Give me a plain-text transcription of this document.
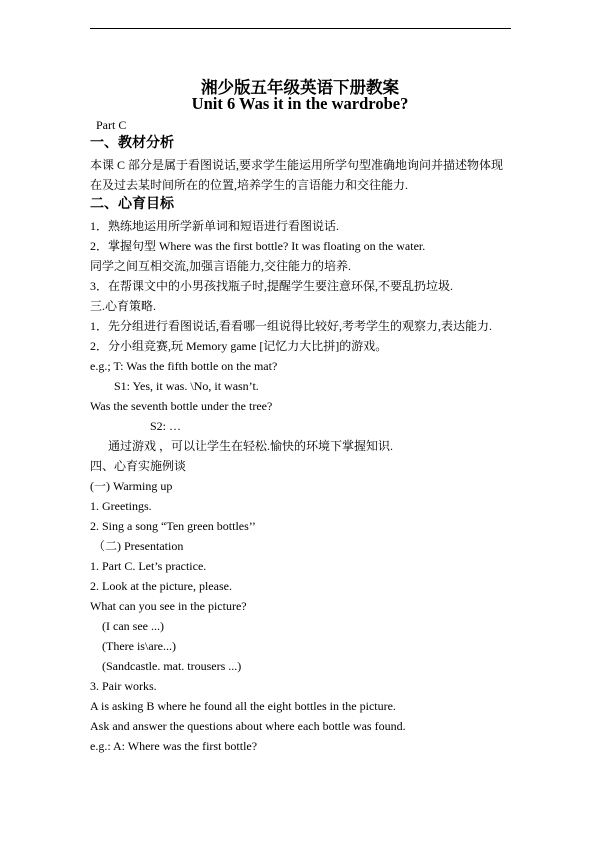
湘少版五年级英语下册教案
Unit 6 Was it in the wardrobe?
Part C
一、教材分析
本课 C 部分是属于看图说话,要求学生能运用所学句型准确地询问并描述物体现
在及过去某时间所在的位置,培养学生的言语能力和交往能力.
二、心育目标
1．熟练地运用所学新单词和短语进行看图说话.
2．掌握句型 Where was the first bottle? It was floating on the water.
同学之间互相交流,加强言语能力,交往能力的培养.
3．在帮课文中的小男孩找瓶子时,提醒学生要注意环保,不要乱扔垃圾.
三.心育策略.
1．先分组进行看图说话,看看哪一组说得比较好,考考学生的观察力,表达能力.
2．分小组竞赛,玩 Memory game [记忆力大比拼]的游戏。
e.g.; T: Was the fifth bottle on the mat?
S1: Yes, it was. \No, it wasn’t.
Was the seventh bottle under the tree?
S2: …
通过游戏 ，可以让学生在轻松.愉快的环境下掌握知识.
四、心育实施例谈
(一) Warming up
1. Greetings.
2. Sing a song “Ten green bottles’’
（二) Presentation
1. Part C. Let’s practice.
2. Look at the picture, please.
What can you see in the picture?
(I can see ...)
(There is\are...)
(Sandcastle. mat. trousers ...)
3. Pair works.
A is asking B where he found all the eight bottles in the picture.
Ask and answer the questions about where each bottle was found.
e.g.: A: Where was the first bottle?
